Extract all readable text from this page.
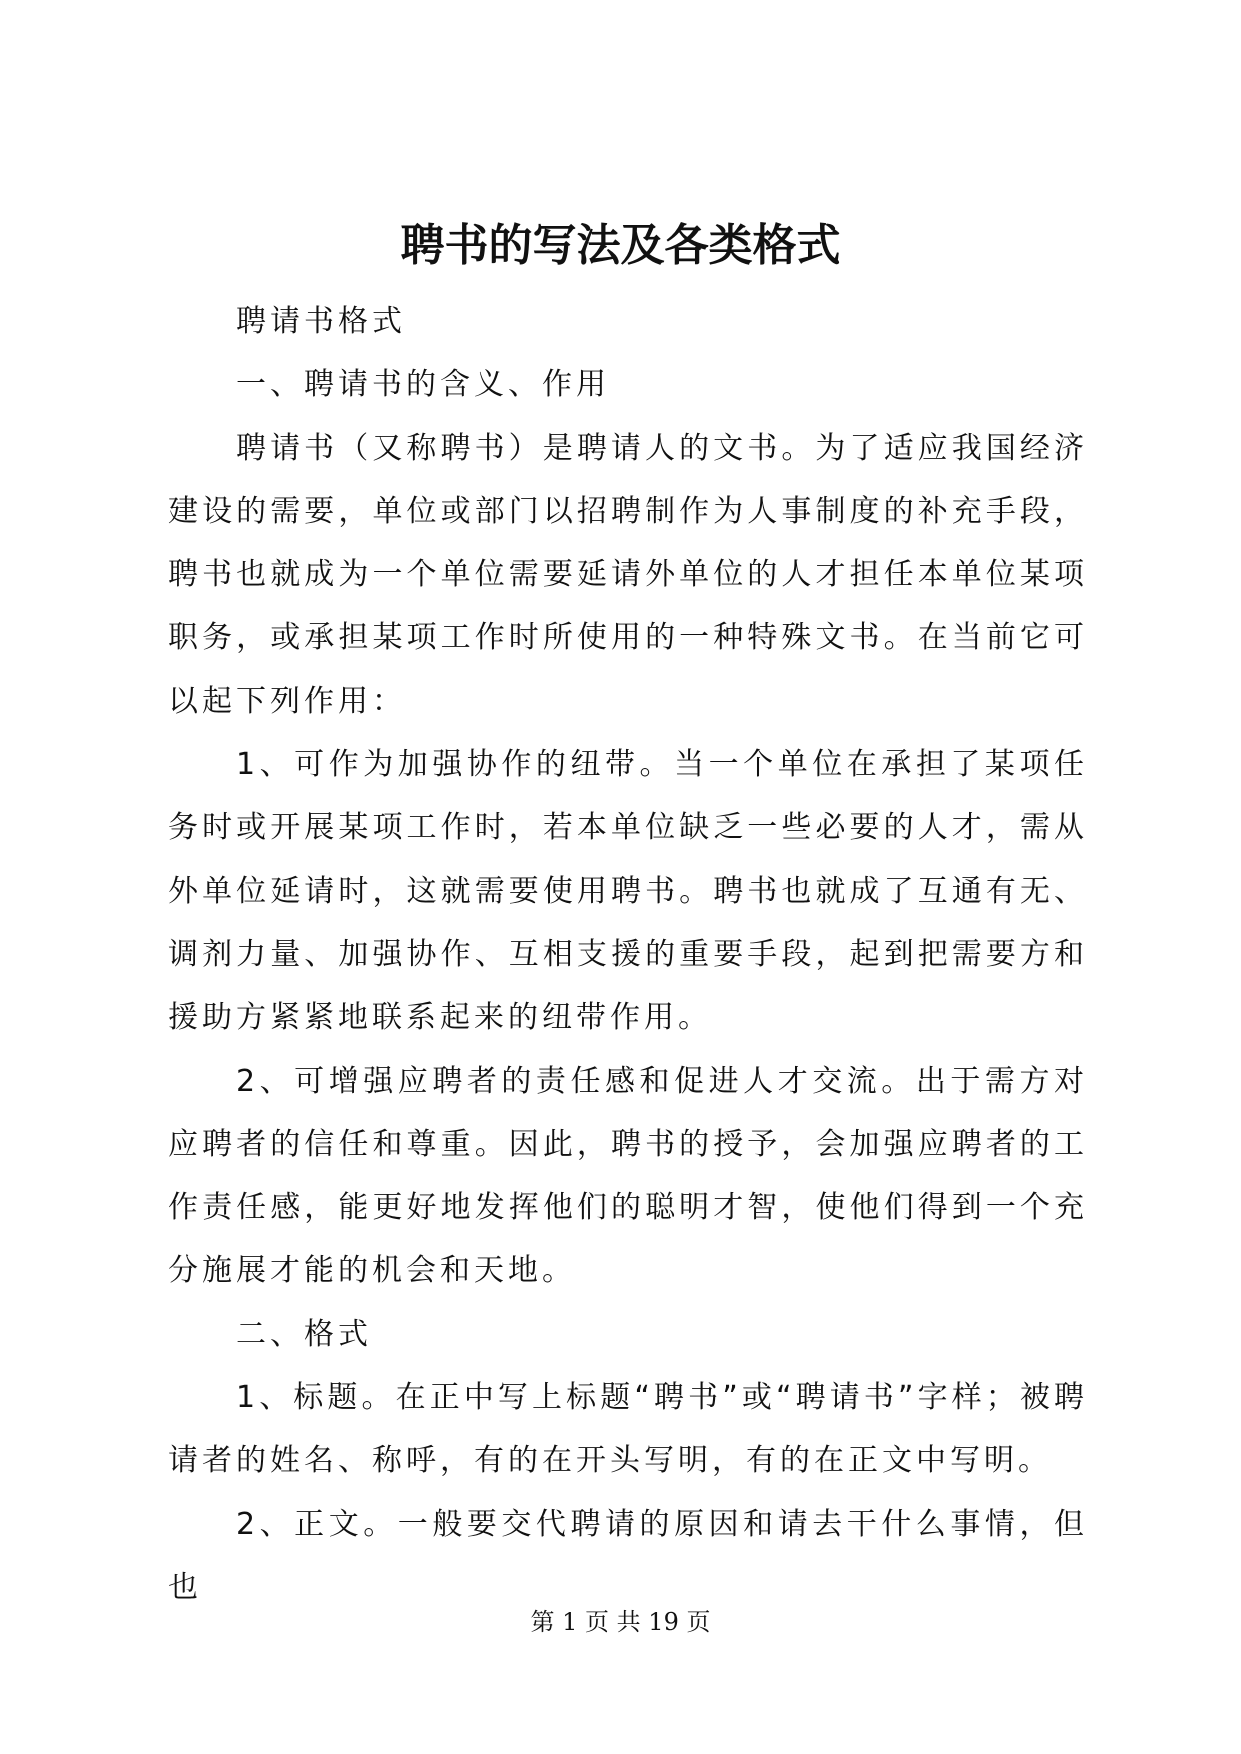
聘书的写法及各类格式

聘请书格式

一、聘请书的含义、作用

聘请书（又称聘书）是聘请人的文书。为了适应我国经济建设的需要，单位或部门以招聘制作为人事制度的补充手段，聘书也就成为一个单位需要延请外单位的人才担任本单位某项职务，或承担某项工作时所使用的一种特殊文书。在当前它可以起下列作用：

1、可作为加强协作的纽带。当一个单位在承担了某项任务时或开展某项工作时，若本单位缺乏一些必要的人才，需从外单位延请时，这就需要使用聘书。聘书也就成了互通有无、调剂力量、加强协作、互相支援的重要手段，起到把需要方和援助方紧紧地联系起来的纽带作用。

2、可增强应聘者的责任感和促进人才交流。出于需方对应聘者的信任和尊重。因此，聘书的授予，会加强应聘者的工作责任感，能更好地发挥他们的聪明才智，使他们得到一个充分施展才能的机会和天地。

二、格式

1、标题。在正中写上标题“聘书”或“聘请书”字样；被聘请者的姓名、称呼，有的在开头写明，有的在正文中写明。

2、正文。一般要交代聘请的原因和请去干什么事情，但也

第 1 页 共 19 页
